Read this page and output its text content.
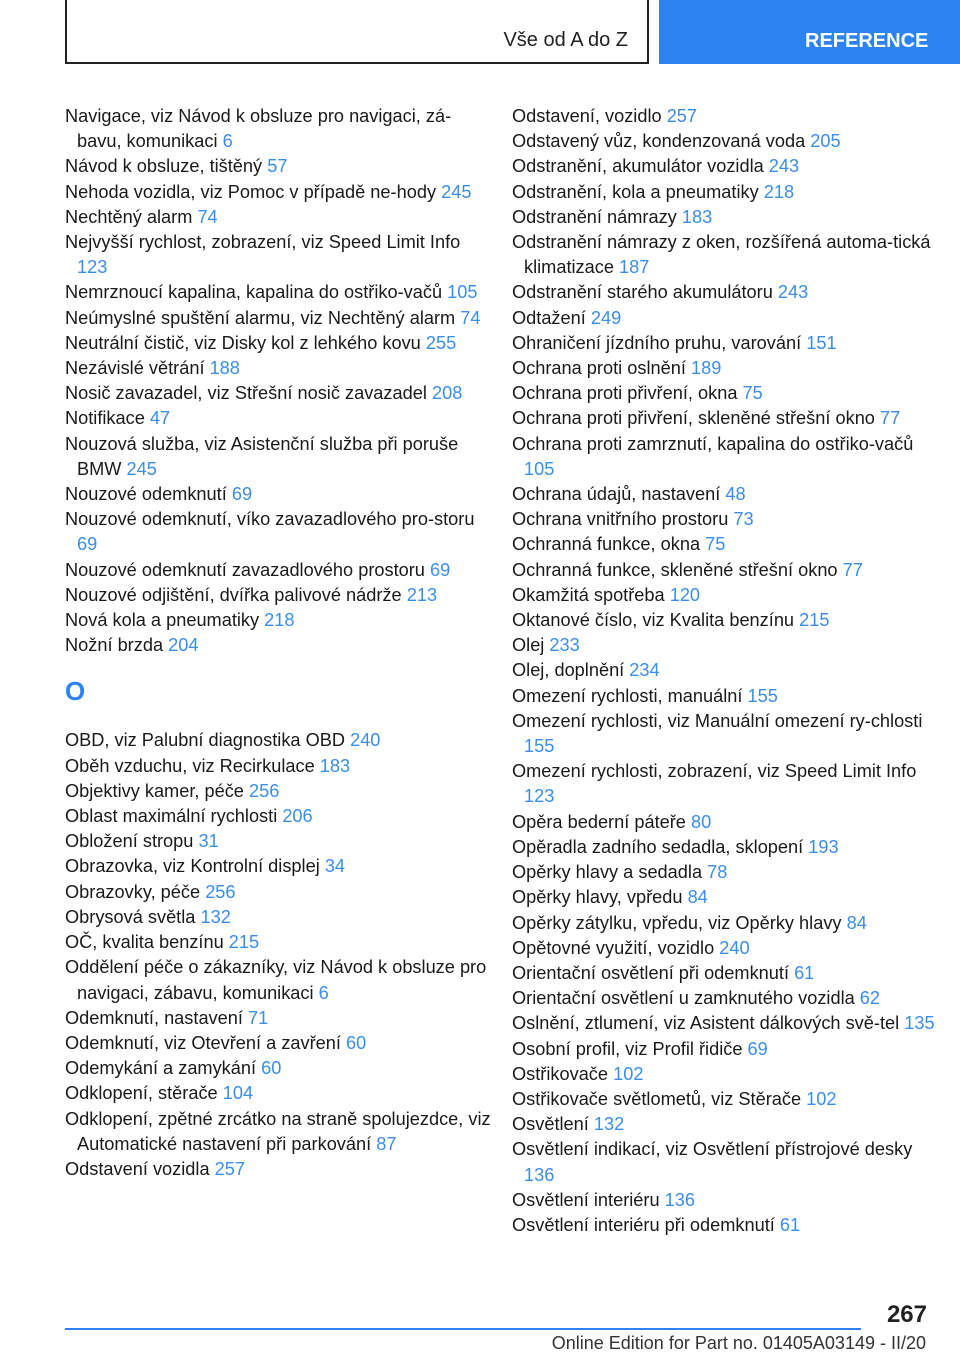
Vše od A do Z	REFERENCE
Navigace, viz Návod k obsluze pro navigaci, zá‐bavu, komunikaci 6
Návod k obsluze, tištěný 57
Nehoda vozidla, viz Pomoc v případě ne‐hody 245
Nechtěný alarm 74
Nejvyšší rychlost, zobrazení, viz Speed Limit Info 123
Nemrznoucí kapalina, kapalina do ostřiko‐vačů 105
Neúmyslné spuštění alarmu, viz Nechtěný alarm 74
Neutrální čistič, viz Disky kol z lehkého kovu 255
Nezávislé větrání 188
Nosič zavazadel, viz Střešní nosič zavazadel 208
Notifikace 47
Nouzová služba, viz Asistenční služba při poruše BMW 245
Nouzové odemknutí 69
Nouzové odemknutí, víko zavazadlového pro‐storu 69
Nouzové odemknutí zavazadlového prostoru 69
Nouzové odjištění, dvířka palivové nádrže 213
Nová kola a pneumatiky 218
Nožní brzda 204
O
OBD, viz Palubní diagnostika OBD 240
Oběh vzduchu, viz Recirkulace 183
Objektivy kamer, péče 256
Oblast maximální rychlosti 206
Obložení stropu 31
Obrazovka, viz Kontrolní displej 34
Obrazovky, péče 256
Obrysová světla 132
OČ, kvalita benzínu 215
Oddělení péče o zákazníky, viz Návod k obsluze pro navigaci, zábavu, komunikaci 6
Odemknutí, nastavení 71
Odemknutí, viz Otevření a zavření 60
Odemykání a zamykání 60
Odklopení, stěrače 104
Odklopení, zpětné zrcátko na straně spolujezdce, viz Automatické nastavení při parkování 87
Odstavení vozidla 257
Odstavení, vozidlo 257
Odstavený vůz, kondenzovaná voda 205
Odstranění, akumulátor vozidla 243
Odstranění, kola a pneumatiky 218
Odstranění námrazy 183
Odstranění námrazy z oken, rozšířená automa‐tická klimatizace 187
Odstranění starého akumulátoru 243
Odtažení 249
Ohraničení jízdního pruhu, varování 151
Ochrana proti oslnění 189
Ochrana proti přivření, okna 75
Ochrana proti přivření, skleněné střešní okno 77
Ochrana proti zamrznutí, kapalina do ostřiko‐vačů 105
Ochrana údajů, nastavení 48
Ochrana vnitřního prostoru 73
Ochranná funkce, okna 75
Ochranná funkce, skleněné střešní okno 77
Okamžitá spotřeba 120
Oktanové číslo, viz Kvalita benzínu 215
Olej 233
Olej, doplnění 234
Omezení rychlosti, manuální 155
Omezení rychlosti, viz Manuální omezení ry‐chlosti 155
Omezení rychlosti, zobrazení, viz Speed Limit Info 123
Opěra bederní páteře 80
Opěradla zadního sedadla, sklopení 193
Opěrky hlavy a sedadla 78
Opěrky hlavy, vpředu 84
Opěrky zátylku, vpředu, viz Opěrky hlavy 84
Opětovné využití, vozidlo 240
Orientační osvětlení při odemknutí 61
Orientační osvětlení u zamknutého vozidla 62
Oslnění, ztlumení, viz Asistent dálkových svě‐tel 135
Osobní profil, viz Profil řidiče 69
Ostřikovače 102
Ostřikovače světlometů, viz Stěrače 102
Osvětlení 132
Osvětlení indikací, viz Osvětlení přístrojové desky 136
Osvětlení interiéru 136
Osvětlení interiéru při odemknutí 61
267
Online Edition for Part no. 01405A03149 - II/20
